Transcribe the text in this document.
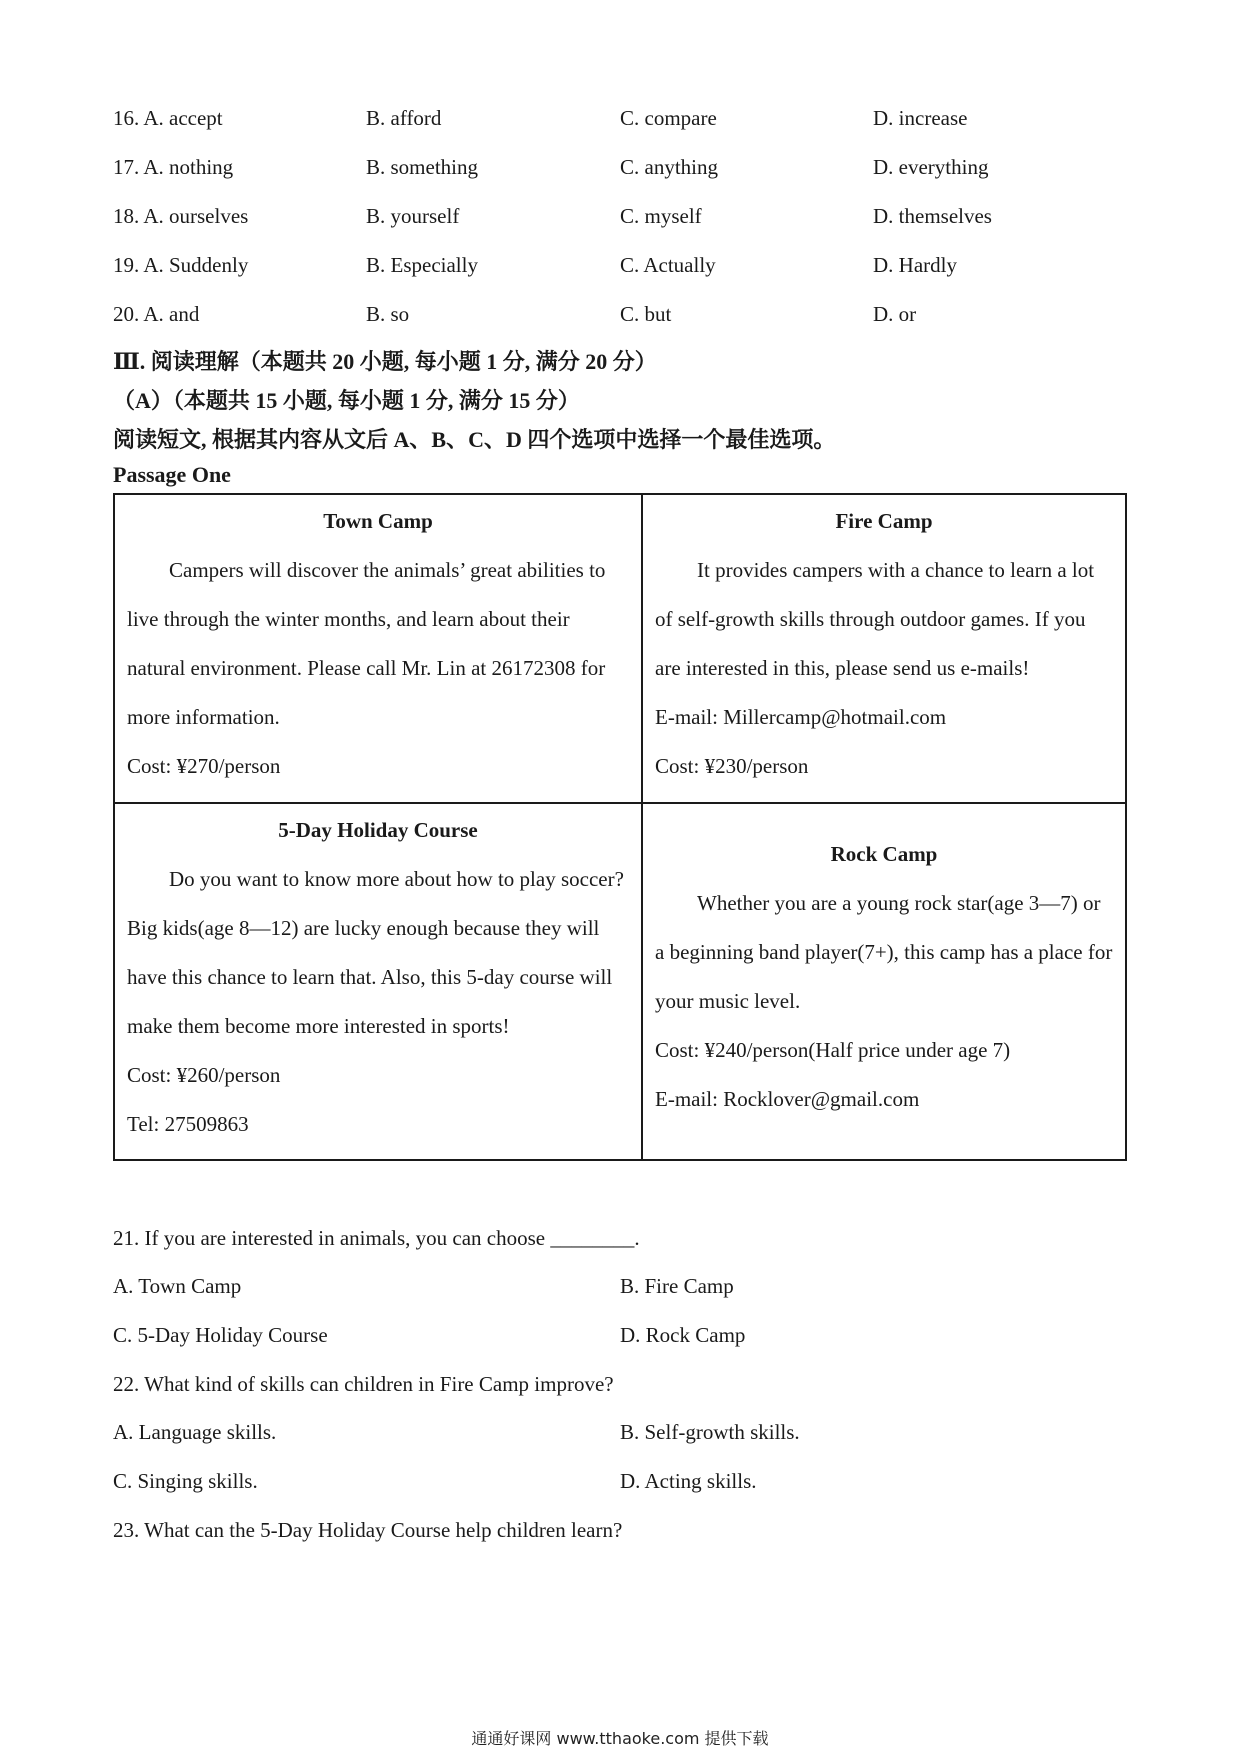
16. A. accept	B. afford	C. compare	D. increase
17. A. nothing	B. something	C. anything	D. everything
18. A. ourselves	B. yourself	C. myself	D. themselves
19. A. Suddenly	B. Especially	C. Actually	D. Hardly
20. A. and	B. so	C. but	D. or
Ⅲ. 阅读理解（本题共 20 小题, 每小题 1 分, 满分 20 分）
（A）（本题共 15 小题, 每小题 1 分, 满分 15 分）
阅读短文, 根据其内容从文后 A、B、C、D 四个选项中选择一个最佳选项。
Passage One
Town Camp

Campers will discover the animals’ great abilities to live through the winter months, and learn about their natural environment. Please call Mr. Lin at 26172308 for more information.

Cost: ¥270/person

Fire Camp

It provides campers with a chance to learn a lot of self-growth skills through outdoor games. If you are interested in this, please send us e-mails!

E-mail: Millercamp@hotmail.com

Cost: ¥230/person

5-Day Holiday Course

Do you want to know more about how to play soccer? Big kids(age 8—12) are lucky enough because they will have this chance to learn that. Also, this 5-day course will make them become more interested in sports!

Cost: ¥260/person

Tel: 27509863

Rock Camp

Whether you are a young rock star(age 3—7) or a beginning band player(7+), this camp has a place for your music level.

Cost: ¥240/person(Half price under age 7)

E-mail: Rocklover@gmail.com

21. If you are interested in animals, you can choose ________.
A. Town Camp	B. Fire Camp
C. 5-Day Holiday Course	D. Rock Camp
22. What kind of skills can children in Fire Camp improve?
A. Language skills.	B. Self-growth skills.
C. Singing skills.	D. Acting skills.
23. What can the 5-Day Holiday Course help children learn?
通通好课网 www.tthaoke.com 提供下载
